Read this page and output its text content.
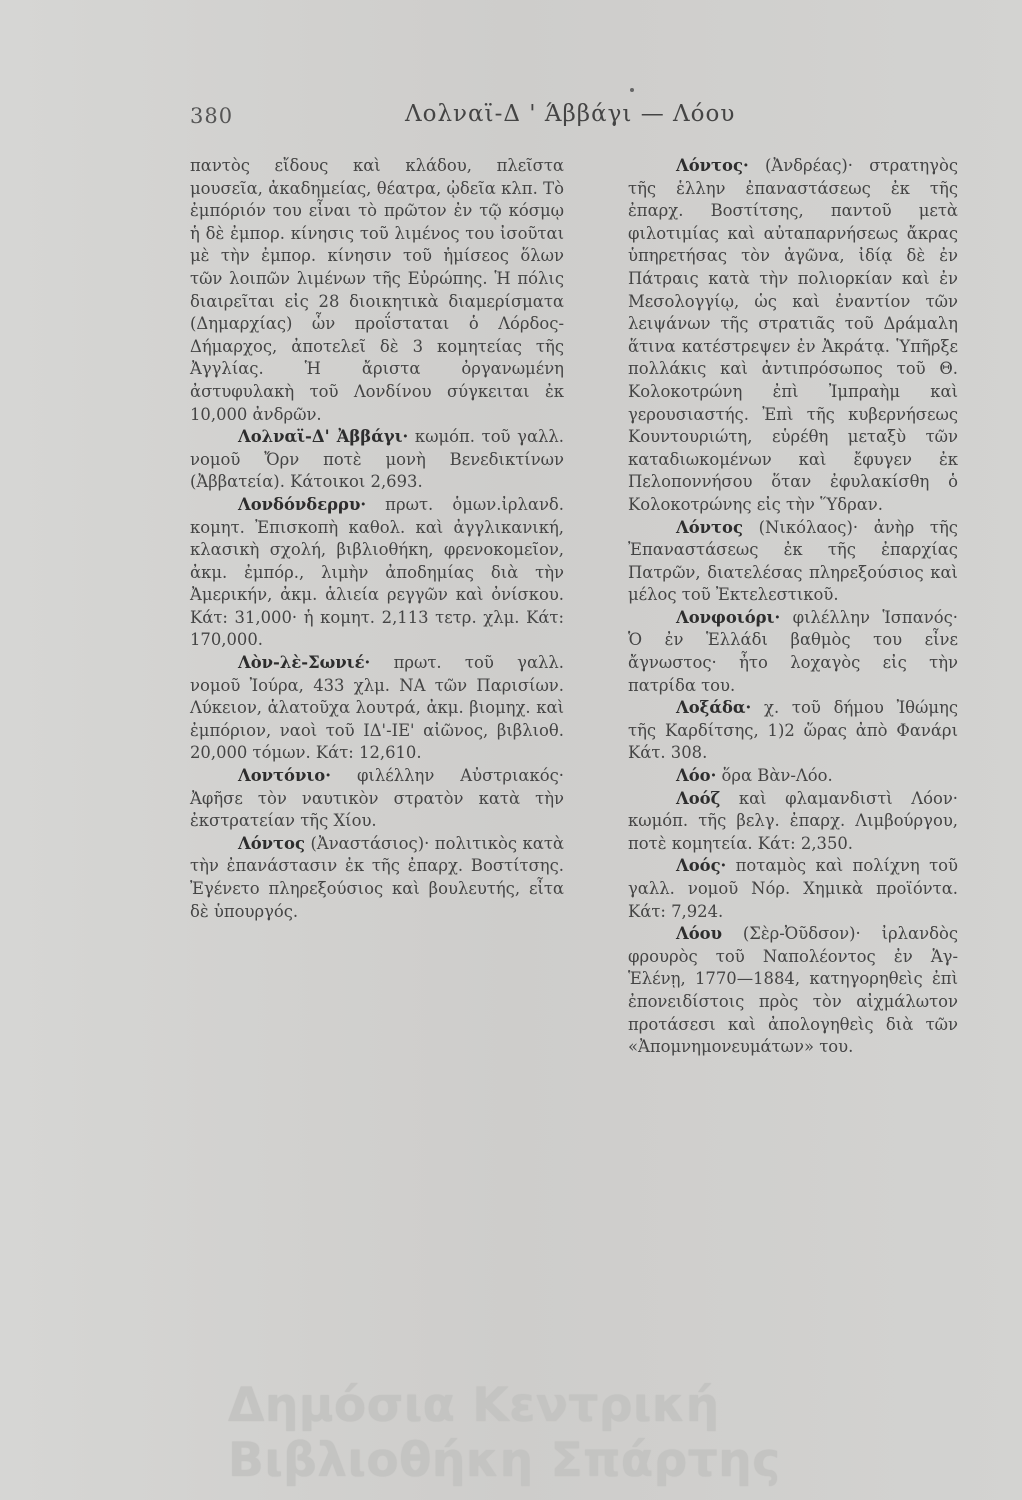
380	Λολναϊ-Δ ' Άββάγι — Λόου

παντὸς εἴδους καὶ κλάδου, πλεῖστα μουσεῖα, ἀκαδημείας, θέατρα, ᾠδεῖα κλπ. Τὸ ἐμπόριόν του εἶναι τὸ πρῶτον ἐν τῷ κόσμῳ ἡ δὲ ἐμπορ. κίνησις τοῦ λιμένος του ἰσοῦται μὲ τὴν ἐμπορ. κίνησιν τοῦ ἡμίσεος ὅλων τῶν λοιπῶν λιμένων τῆς Εὐρώπης. Ἡ πόλις διαιρεῖται εἰς 28 διοικητικὰ διαμερίσματα (Δημαρχίας) ὧν προΐσταται ὁ Λόρδος-Δήμαρχος, ἀποτελεῖ δὲ 3 κομητείας τῆς Ἀγγλίας. Ἡ ἄριστα ὀργανωμένη ἀστυφυλακὴ τοῦ Λονδίνου σύγκειται ἐκ 10,000 ἀνδρῶν.

Λολναϊ-Δ' Ἀββάγι· κωμόπ. τοῦ γαλλ. νομοῦ Ὄρν ποτὲ μονὴ Βενεδικτίνων (Ἀββατεία). Κάτοικοι 2,693.

Λονδόνδερρυ· πρωτ. ὁμων.ἰρλανδ. κομητ. Ἐπισκοπὴ καθολ. καὶ ἀγγλικανική, κλασικὴ σχολή, βιβλιοθήκη, φρενοκομεῖον, ἀκμ. ἐμπόρ., λιμὴν ἀποδημίας διὰ τὴν Ἀμερικήν, ἀκμ. ἁλιεία ρεγγῶν καὶ ὀνίσκου. Κάτ: 31,000· ἡ κομητ. 2,113 τετρ. χλμ. Κάτ: 170,000.

Λὸν-λὲ-Σωνιέ· πρωτ. τοῦ γαλλ. νομοῦ Ἰούρα, 433 χλμ. ΝΑ τῶν Παρισίων. Λύκειον, ἁλατοῦχα λουτρά, ἀκμ. βιομηχ. καὶ ἐμπόριον, ναοὶ τοῦ ΙΔ'-ΙΕ' αἰῶνος, βιβλιοθ. 20,000 τόμων. Κάτ: 12,610.

Λοντόνιο· φιλέλλην Αὐστριακός· Ἀφῆσε τὸν ναυτικὸν στρατὸν κατὰ τὴν ἐκστρατείαν τῆς Χίου.

Λόντος (Ἀναστάσιος)· πολιτικὸς κατὰ τὴν ἐπανάστασιν ἐκ τῆς ἐπαρχ. Βοστίτσης. Ἐγένετο πληρεξούσιος καὶ βουλευτής, εἶτα δὲ ὑπουργός.

Λόντος· (Ἀνδρέας)· στρατηγὸς τῆς ἑλλην ἐπαναστάσεως ἐκ τῆς ἐπαρχ. Βοστίτσης, παντοῦ μετὰ φιλοτιμίας καὶ αὐταπαρνήσεως ἄκρας ὑπηρετήσας τὸν ἀγῶνα, ἰδίᾳ δὲ ἐν Πάτραις κατὰ τὴν πολιορκίαν καὶ ἐν Μεσολογγίῳ, ὡς καὶ ἐναντίον τῶν λειψάνων τῆς στρατιᾶς τοῦ Δράμαλη ἅτινα κατέστρεψεν ἐν Ἀκράτᾳ. Ὑπῆρξε πολλάκις καὶ ἀντιπρόσωπος τοῦ Θ. Κολοκοτρώνη ἐπὶ Ἰμπραὴμ καὶ γερουσιαστής. Ἐπὶ τῆς κυβερνήσεως Κουντουριώτη, εὑρέθη μεταξὺ τῶν καταδιωκομένων καὶ ἔφυγεν ἐκ Πελοποννήσου ὅταν ἐφυλακίσθη ὁ Κολοκοτρώνης εἰς τὴν Ὕδραν.

Λόντος (Νικόλαος)· ἀνὴρ τῆς Ἐπαναστάσεως ἐκ τῆς ἐπαρχίας Πατρῶν, διατελέσας πληρεξούσιος καὶ μέλος τοῦ Ἐκτελεστικοῦ.

Λονφοιόρι· φιλέλλην Ἱσπανός· Ὁ ἐν Ἑλλάδι βαθμὸς του εἶνε ἄγνωστος· ἦτο λοχαγὸς εἰς τὴν πατρίδα του.

Λοξάδα· χ. τοῦ δήμου Ἰθώμης τῆς Καρδίτσης, 1)2 ὥρας ἀπὸ Φανάρι Κάτ. 308.

Λόο· ὅρα Βὰν-Λόο.

Λοόζ καὶ φλαμανδιστὶ Λόον· κωμόπ. τῆς βελγ. ἐπαρχ. Λιμβούργου, ποτὲ κομητεία. Κάτ: 2,350.

Λοός· ποταμὸς καὶ πολίχνη τοῦ γαλλ. νομοῦ Νόρ. Χημικὰ προϊόντα. Κάτ: 7,924.

Λόου (Σὲρ-Ὀῦδσον)· ἰρλανδὸς φρουρὸς τοῦ Ναπολέοντος ἐν Ἁγ-Ἑλένῃ, 1770—1884, κατηγορηθεὶς ἐπὶ ἐπονειδίστοις πρὸς τὸν αἰχμάλωτον προτάσεσι καὶ ἀπολογηθεὶς διὰ τῶν «Ἀπομνημονευμάτων» του.

Δημόσια Κεντρική Βιβλιοθήκη Σπάρτης
